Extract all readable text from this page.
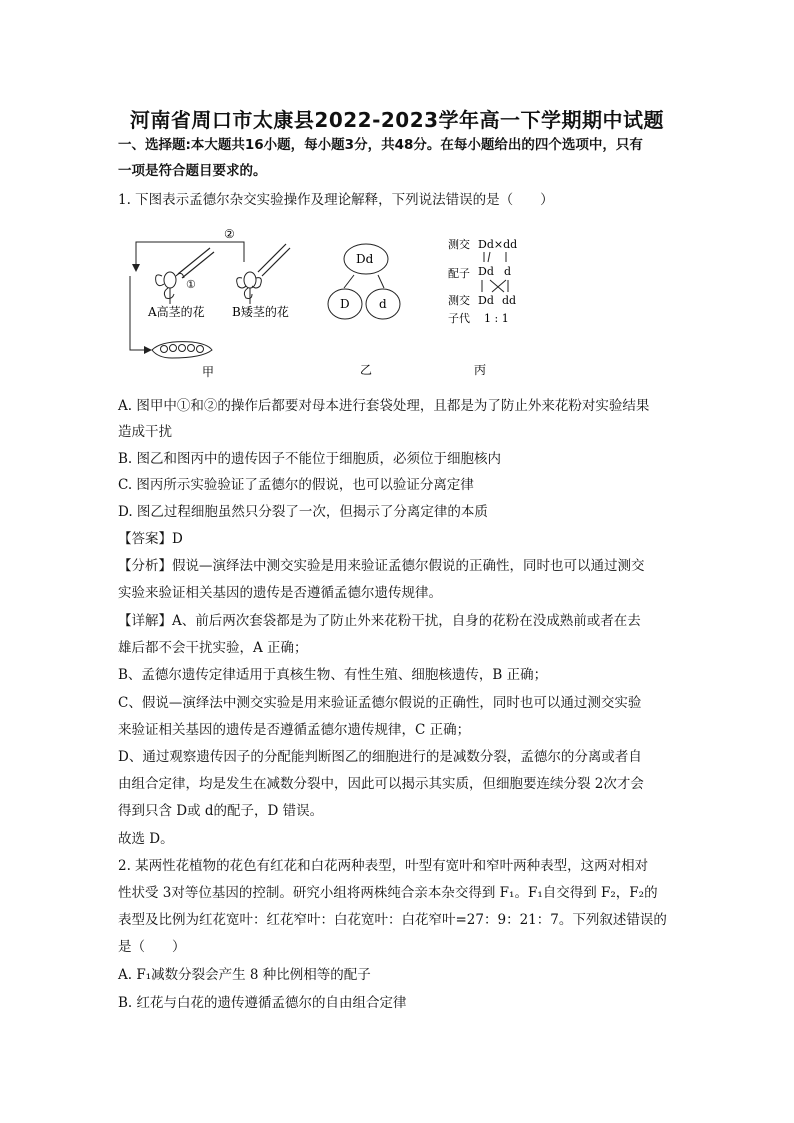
河南省周口市太康县2022-2023学年高一下学期期中试题
一、选择题:本大题共16小题，每小题3分，共48分。在每小题给出的四个选项中，只有
一项是符合题目要求的。
1. 下图表示孟德尔杂交实验操作及理论解释，下列说法错误的是（　　）
②
①
A高茎的花 B矮茎的花
甲
Dd
D d
乙
测交 Dd×dd
配子 Dd d
测交 Dd dd
子代 1 : 1
丙
A. 图甲中①和②的操作后都要对母本进行套袋处理，且都是为了防止外来花粉对实验结果
造成干扰
B. 图乙和图丙中的遗传因子不能位于细胞质，必须位于细胞核内
C. 图丙所示实验验证了孟德尔的假说，也可以验证分离定律
D. 图乙过程细胞虽然只分裂了一次，但揭示了分离定律的本质
【答案】D
【分析】假说—演绎法中测交实验是用来验证孟德尔假说的正确性，同时也可以通过测交
实验来验证相关基因的遗传是否遵循孟德尔遗传规律。
【详解】A、前后两次套袋都是为了防止外来花粉干扰，自身的花粉在没成熟前或者在去
雄后都不会干扰实验，A 正确；
B、孟德尔遗传定律适用于真核生物、有性生殖、细胞核遗传，B 正确；
C、假说—演绎法中测交实验是用来验证孟德尔假说的正确性，同时也可以通过测交实验
来验证相关基因的遗传是否遵循孟德尔遗传规律，C 正确；
D、通过观察遗传因子的分配能判断图乙的细胞进行的是减数分裂，孟德尔的分离或者自
由组合定律，均是发生在减数分裂中，因此可以揭示其实质，但细胞要连续分裂 2次才会
得到只含 D或 d的配子，D 错误。
故选 D。
2. 某两性花植物的花色有红花和白花两种表型，叶型有宽叶和窄叶两种表型，这两对相对
性状受 3对等位基因的控制。研究小组将两株纯合亲本杂交得到 F₁。F₁自交得到 F₂，F₂的
表型及比例为红花宽叶：红花窄叶：白花宽叶：白花窄叶=27：9：21：7。下列叙述错误的
是（　　）
A. F₁减数分裂会产生 8 种比例相等的配子
B. 红花与白花的遗传遵循孟德尔的自由组合定律
